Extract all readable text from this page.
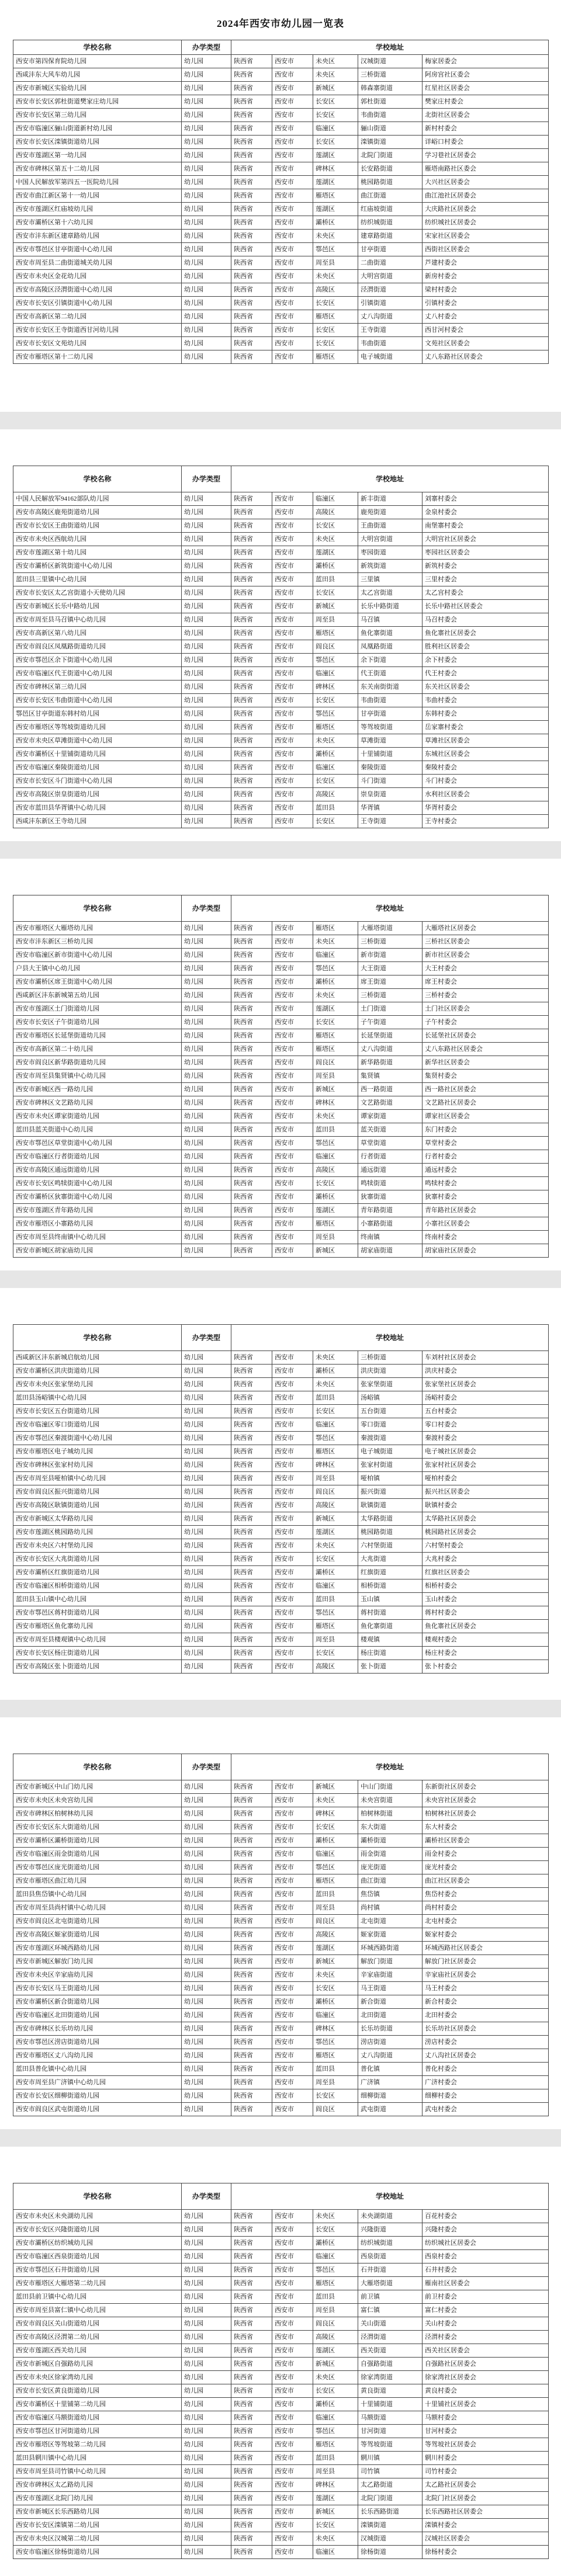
2024年西安市幼儿园一览表
学校名称	办学类型	学校地址				
西安市第四保育院幼儿园	幼儿园	陕西省	西安市	未央区	汉城街道	梅家居委会
西咸沣东大风车幼儿园	幼儿园	陕西省	西安市	未央区	三桥街道	阿房宫社区委会
西安市新城区实验幼儿园	幼儿园	陕西省	西安市	新城区	韩森寨街道	红星社区居委会
西安市长安区郭杜街道樊家庄幼儿园	幼儿园	陕西省	西安市	长安区	郭杜街道	樊家庄村委会
西安市长安区第三幼儿园	幼儿园	陕西省	西安市	长安区	韦曲街道	北街社区居委会
西安市临潼区骊山街道新村幼儿园	幼儿园	陕西省	西安市	临潼区	骊山街道	新村村委会
西安市长安区滦镇街道幼儿园	幼儿园	陕西省	西安市	长安区	滦镇街道	详峪口村委会
西安市莲湖区第一幼儿园	幼儿园	陕西省	西安市	莲湖区	北院门街道	学习巷社区居委会
西安市碑林区第五十二幼儿园	幼儿园	陕西省	西安市	碑林区	长安路街道	雁塔南路社区委会
中国人民解放军第四五一医院幼儿园	幼儿园	陕西省	西安市	莲湖区	桃园路街道	大兴社区居委会
西安市曲江新区第十一幼儿园	幼儿园	陕西省	西安市	雁塔区	曲江街道	曲江池社区居委会
西安市莲湖区红庙坡幼儿园	幼儿园	陕西省	西安市	莲湖区	红庙坡街道	大庆路社区居委会
西安市灞桥区第十六幼儿园	幼儿园	陕西省	西安市	灞桥区	纺织城街道	纺织城社区居委会
西安市沣东新区建章路幼儿园	幼儿园	陕西省	西安市	未央区	建章路街道	宋家社区居委会
西安市鄠邑区甘亭街道中心幼儿园	幼儿园	陕西省	西安市	鄠邑区	甘亭街道	西街社区居委会
西安市周至县二曲街道城关幼儿园	幼儿园	陕西省	西安市	周至县	二曲街道	芦建村委会
西安市未央区金花幼儿园	幼儿园	陕西省	西安市	未央区	大明宫街道	新房村委会
西安市高陵区泾渭街道中心幼儿园	幼儿园	陕西省	西安市	高陵区	泾渭街道	梁村村委会
西安市长安区引镇街道中心幼儿园	幼儿园	陕西省	西安市	长安区	引镇街道	引镇村委会
西安市高新区第二幼儿园	幼儿园	陕西省	西安市	雁塔区	丈八沟街道	丈八村委会
西安市长安区王寺街道西甘河幼儿园	幼儿园	陕西省	西安市	长安区	王寺街道	西甘河村委会
西安市长安区文苑幼儿园	幼儿园	陕西省	西安市	长安区	韦曲街道	文苑社区居委会
西安市雁塔区第十二幼儿园	幼儿园	陕西省	西安市	雁塔区	电子城街道	丈八东路社区居委会
学校名称	办学类型	学校地址				
中国人民解放军94162部队幼儿园	幼儿园	陕西省	西安市	临潼区	新丰街道	刘寨村委会
西安市高陵区鹿苑街道幼儿园	幼儿园	陕西省	西安市	高陵区	鹿苑街道	金泉村委会
西安市长安区王曲街道幼儿园	幼儿园	陕西省	西安市	长安区	王曲街道	南堡寨村委会
西安市未央区西航幼儿园	幼儿园	陕西省	西安市	未央区	大明宫街道	大明宫社区居委会
西安市莲湖区第十幼儿园	幼儿园	陕西省	西安市	莲湖区	枣园街道	枣园社区居委会
西安市灞桥区新筑街道中心幼儿园	幼儿园	陕西省	西安市	灞桥区	新筑街道	新筑村委会
蓝田县三里镇中心幼儿园	幼儿园	陕西省	西安市	蓝田县	三里镇	三里村委会
西安市长安区太乙宫街道小天使幼儿园	幼儿园	陕西省	西安市	长安区	太乙宫街道	太乙宫村委会
西安市新城区长乐中路幼儿园	幼儿园	陕西省	西安市	新城区	长乐中路街道	长乐中路社区居委会
西安市周至县马召镇中心幼儿园	幼儿园	陕西省	西安市	周至县	马召镇	马召村委会
西安市高新区第八幼儿园	幼儿园	陕西省	西安市	雁塔区	鱼化寨街道	鱼化寨社区居委会
西安市阎良区凤凰路街道幼儿园	幼儿园	陕西省	西安市	阎良区	凤凰路街道	胜利社区居委会
西安市鄠邑区余下街道中心幼儿园	幼儿园	陕西省	西安市	鄠邑区	余下街道	余下村委会
西安市临潼区代王街道中心幼儿园	幼儿园	陕西省	西安市	临潼区	代王街道	代王村委会
西安市碑林区第三幼儿园	幼儿园	陕西省	西安市	碑林区	东关南街街道	东关社区居委会
西安市长安区韦曲街道中心幼儿园	幼儿园	陕西省	西安市	长安区	韦曲街道	韦曲村委会
鄠邑区甘亭街道东韩村幼儿园	幼儿园	陕西省	西安市	鄠邑区	甘亭街道	东韩村委会
西安市雁塔区等驾坡街道幼儿园	幼儿园	陕西省	西安市	雁塔区	等驾坡街道	岳家寨村委会
西安市未央区草滩街道中心幼儿园	幼儿园	陕西省	西安市	未央区	草滩街道	草滩社区居委会
西安市灞桥区十里铺街道幼儿园	幼儿园	陕西省	西安市	灞桥区	十里铺街道	东城社区居委会
西安市临潼区秦陵街道幼儿园	幼儿园	陕西省	西安市	临潼区	秦陵街道	秦陵村委会
西安市长安区斗门街道中心幼儿园	幼儿园	陕西省	西安市	长安区	斗门街道	斗门村委会
西安市高陵区崇皇街道幼儿园	幼儿园	陕西省	西安市	高陵区	崇皇街道	水利社区居委会
西安市蓝田县华胥镇中心幼儿园	幼儿园	陕西省	西安市	蓝田县	华胥镇	华胥村委会
西咸沣东新区王寺幼儿园	幼儿园	陕西省	西安市	长安区	王寺街道	王寺村委会
学校名称	办学类型	学校地址				
西安市雁塔区大雁塔幼儿园	幼儿园	陕西省	西安市	雁塔区	大雁塔街道	大雁塔社区居委会
西安市沣东新区三桥幼儿园	幼儿园	陕西省	西安市	未央区	三桥街道	三桥社区居委会
西安市临潼区新市街道中心幼儿园	幼儿园	陕西省	西安市	临潼区	新市街道	新市社区居委会
户县大王镇中心幼儿园	幼儿园	陕西省	西安市	鄠邑区	大王街道	大王村委会
西安市灞桥区席王街道中心幼儿园	幼儿园	陕西省	西安市	灞桥区	席王街道	席王村委会
西咸新区沣东新城第五幼儿园	幼儿园	陕西省	西安市	未央区	三桥街道	三桥村委会
西安市莲湖区土门街道幼儿园	幼儿园	陕西省	西安市	莲湖区	土门街道	土门社区居委会
西安市长安区子午街道幼儿园	幼儿园	陕西省	西安市	长安区	子午街道	子午村委会
西安市雁塔区长延堡街道幼儿园	幼儿园	陕西省	西安市	雁塔区	长延堡街道	长延堡社区居委会
西安市高新区第二十幼儿园	幼儿园	陕西省	西安市	雁塔区	丈八沟街道	丈八东路社区居委会
西安市阎良区新华路街道幼儿园	幼儿园	陕西省	西安市	阎良区	新华路街道	新华社区居委会
西安市周至县集贤镇中心幼儿园	幼儿园	陕西省	西安市	周至县	集贤镇	集贤村委会
西安市新城区西一路幼儿园	幼儿园	陕西省	西安市	新城区	西一路街道	西一路社区居委会
西安市碑林区文艺路幼儿园	幼儿园	陕西省	西安市	碑林区	文艺路街道	文艺路社区居委会
西安市未央区谭家街道幼儿园	幼儿园	陕西省	西安市	未央区	谭家街道	谭家社区居委会
蓝田县蓝关街道中心幼儿园	幼儿园	陕西省	西安市	蓝田县	蓝关街道	东门村委会
西安市鄠邑区草堂街道中心幼儿园	幼儿园	陕西省	西安市	鄠邑区	草堂街道	草堂村委会
西安市临潼区行者街道幼儿园	幼儿园	陕西省	西安市	临潼区	行者街道	行者村委会
西安市高陵区通远街道幼儿园	幼儿园	陕西省	西安市	高陵区	通远街道	通远村委会
西安市长安区鸣犊街道中心幼儿园	幼儿园	陕西省	西安市	长安区	鸣犊街道	鸣犊村委会
西安市灞桥区狄寨街道中心幼儿园	幼儿园	陕西省	西安市	灞桥区	狄寨街道	狄寨村委会
西安市莲湖区青年路幼儿园	幼儿园	陕西省	西安市	莲湖区	青年路街道	青年路社区居委会
西安市雁塔区小寨路幼儿园	幼儿园	陕西省	西安市	雁塔区	小寨路街道	小寨社区居委会
西安市周至县终南镇中心幼儿园	幼儿园	陕西省	西安市	周至县	终南镇	终南村委会
西安市新城区胡家庙幼儿园	幼儿园	陕西省	西安市	新城区	胡家庙街道	胡家庙社区居委会
学校名称	办学类型	学校地址				
西咸新区沣东新城启航幼儿园	幼儿园	陕西省	西安市	未央区	三桥街道	车刘村社区居委会
西安市灞桥区洪庆街道幼儿园	幼儿园	陕西省	西安市	灞桥区	洪庆街道	洪庆村委会
西安市未央区张家堡幼儿园	幼儿园	陕西省	西安市	未央区	张家堡街道	张家堡社区居委会
蓝田县汤峪镇中心幼儿园	幼儿园	陕西省	西安市	蓝田县	汤峪镇	汤峪村委会
西安市长安区五台街道幼儿园	幼儿园	陕西省	西安市	长安区	五台街道	五台村委会
西安市临潼区零口街道幼儿园	幼儿园	陕西省	西安市	临潼区	零口街道	零口村委会
西安市鄠邑区秦渡街道中心幼儿园	幼儿园	陕西省	西安市	鄠邑区	秦渡街道	秦渡村委会
西安市雁塔区电子城幼儿园	幼儿园	陕西省	西安市	雁塔区	电子城街道	电子城社区居委会
西安市碑林区张家村幼儿园	幼儿园	陕西省	西安市	碑林区	张家村街道	张家村社区居委会
西安市周至县哑柏镇中心幼儿园	幼儿园	陕西省	西安市	周至县	哑柏镇	哑柏村委会
西安市阎良区振兴街道幼儿园	幼儿园	陕西省	西安市	阎良区	振兴街道	振兴社区居委会
西安市高陵区耿镇街道幼儿园	幼儿园	陕西省	西安市	高陵区	耿镇街道	耿镇村委会
西安市新城区太华路幼儿园	幼儿园	陕西省	西安市	新城区	太华路街道	太华路社区居委会
西安市莲湖区桃园路幼儿园	幼儿园	陕西省	西安市	莲湖区	桃园路街道	桃园路社区居委会
西安市未央区六村堡幼儿园	幼儿园	陕西省	西安市	未央区	六村堡街道	六村堡村委会
西安市长安区大兆街道幼儿园	幼儿园	陕西省	西安市	长安区	大兆街道	大兆村委会
西安市灞桥区红旗街道幼儿园	幼儿园	陕西省	西安市	灞桥区	红旗街道	红旗社区居委会
西安市临潼区相桥街道幼儿园	幼儿园	陕西省	西安市	临潼区	相桥街道	相桥村委会
蓝田县玉山镇中心幼儿园	幼儿园	陕西省	西安市	蓝田县	玉山镇	玉山村委会
西安市鄠邑区蒋村街道幼儿园	幼儿园	陕西省	西安市	鄠邑区	蒋村街道	蒋村村委会
西安市雁塔区鱼化寨幼儿园	幼儿园	陕西省	西安市	雁塔区	鱼化寨街道	鱼化寨社区居委会
西安市周至县楼观镇中心幼儿园	幼儿园	陕西省	西安市	周至县	楼观镇	楼观村委会
西安市长安区杨庄街道幼儿园	幼儿园	陕西省	西安市	长安区	杨庄街道	杨庄村委会
西安市高陵区张卜街道幼儿园	幼儿园	陕西省	西安市	高陵区	张卜街道	张卜村委会
学校名称	办学类型	学校地址				
西安市新城区中山门幼儿园	幼儿园	陕西省	西安市	新城区	中山门街道	东新街社区居委会
西安市未央区未央宫幼儿园	幼儿园	陕西省	西安市	未央区	未央宫街道	未央宫社区居委会
西安市碑林区柏树林幼儿园	幼儿园	陕西省	西安市	碑林区	柏树林街道	柏树林社区居委会
西安市长安区东大街道幼儿园	幼儿园	陕西省	西安市	长安区	东大街道	东大村委会
西安市灞桥区灞桥街道幼儿园	幼儿园	陕西省	西安市	灞桥区	灞桥街道	灞桥社区居委会
西安市临潼区雨金街道幼儿园	幼儿园	陕西省	西安市	临潼区	雨金街道	雨金村委会
西安市鄠邑区庞光街道幼儿园	幼儿园	陕西省	西安市	鄠邑区	庞光街道	庞光村委会
西安市雁塔区曲江幼儿园	幼儿园	陕西省	西安市	雁塔区	曲江街道	曲江社区居委会
蓝田县焦岱镇中心幼儿园	幼儿园	陕西省	西安市	蓝田县	焦岱镇	焦岱村委会
西安市周至县尚村镇中心幼儿园	幼儿园	陕西省	西安市	周至县	尚村镇	尚村村委会
西安市阎良区北屯街道幼儿园	幼儿园	陕西省	西安市	阎良区	北屯街道	北屯村委会
西安市高陵区姬家街道幼儿园	幼儿园	陕西省	西安市	高陵区	姬家街道	姬家村委会
西安市莲湖区环城西路幼儿园	幼儿园	陕西省	西安市	莲湖区	环城西路街道	环城西路社区居委会
西安市新城区解放门幼儿园	幼儿园	陕西省	西安市	新城区	解放门街道	解放门社区居委会
西安市未央区辛家庙幼儿园	幼儿园	陕西省	西安市	未央区	辛家庙街道	辛家庙社区居委会
西安市长安区马王街道幼儿园	幼儿园	陕西省	西安市	长安区	马王街道	马王村委会
西安市灞桥区新合街道幼儿园	幼儿园	陕西省	西安市	灞桥区	新合街道	新合村委会
西安市临潼区北田街道幼儿园	幼儿园	陕西省	西安市	临潼区	北田街道	北田村委会
西安市碑林区长乐坊幼儿园	幼儿园	陕西省	西安市	碑林区	长乐坊街道	长乐坊社区居委会
西安市鄠邑区涝店街道幼儿园	幼儿园	陕西省	西安市	鄠邑区	涝店街道	涝店村委会
西安市雁塔区丈八沟幼儿园	幼儿园	陕西省	西安市	雁塔区	丈八沟街道	丈八沟社区居委会
蓝田县普化镇中心幼儿园	幼儿园	陕西省	西安市	蓝田县	普化镇	普化村委会
西安市周至县广济镇中心幼儿园	幼儿园	陕西省	西安市	周至县	广济镇	广济村委会
西安市长安区细柳街道幼儿园	幼儿园	陕西省	西安市	长安区	细柳街道	细柳村委会
西安市阎良区武屯街道幼儿园	幼儿园	陕西省	西安市	阎良区	武屯街道	武屯村委会
学校名称	办学类型	学校地址				
西安市未央区未央湖幼儿园	幼儿园	陕西省	西安市	未央区	未央湖街道	百花村委会
西安市长安区兴隆街道幼儿园	幼儿园	陕西省	西安市	长安区	兴隆街道	兴隆村委会
西安市灞桥区纺织城幼儿园	幼儿园	陕西省	西安市	灞桥区	纺织城街道	纺织城社区居委会
西安市临潼区西泉街道幼儿园	幼儿园	陕西省	西安市	临潼区	西泉街道	西泉村委会
西安市鄠邑区石井街道幼儿园	幼儿园	陕西省	西安市	鄠邑区	石井街道	石井村委会
西安市雁塔区大雁塔第二幼儿园	幼儿园	陕西省	西安市	雁塔区	大雁塔街道	雁南社区居委会
蓝田县前卫镇中心幼儿园	幼儿园	陕西省	西安市	蓝田县	前卫镇	前卫村委会
西安市周至县富仁镇中心幼儿园	幼儿园	陕西省	西安市	周至县	富仁镇	富仁村委会
西安市阎良区关山街道幼儿园	幼儿园	陕西省	西安市	阎良区	关山街道	关山村委会
西安市高陵区泾渭第二幼儿园	幼儿园	陕西省	西安市	高陵区	泾渭街道	泾渭村委会
西安市莲湖区西关幼儿园	幼儿园	陕西省	西安市	莲湖区	西关街道	西关社区居委会
西安市新城区自强路幼儿园	幼儿园	陕西省	西安市	新城区	自强路街道	自强路社区居委会
西安市未央区徐家湾幼儿园	幼儿园	陕西省	西安市	未央区	徐家湾街道	徐家湾社区居委会
西安市长安区黄良街道幼儿园	幼儿园	陕西省	西安市	长安区	黄良街道	黄良村委会
西安市灞桥区十里铺第二幼儿园	幼儿园	陕西省	西安市	灞桥区	十里铺街道	十里铺社区居委会
西安市临潼区马额街道幼儿园	幼儿园	陕西省	西安市	临潼区	马额街道	马额村委会
西安市鄠邑区甘河街道幼儿园	幼儿园	陕西省	西安市	鄠邑区	甘河街道	甘河村委会
西安市雁塔区等驾坡第二幼儿园	幼儿园	陕西省	西安市	雁塔区	等驾坡街道	等驾坡社区居委会
蓝田县辋川镇中心幼儿园	幼儿园	陕西省	西安市	蓝田县	辋川镇	辋川村委会
西安市周至县司竹镇中心幼儿园	幼儿园	陕西省	西安市	周至县	司竹镇	司竹村委会
西安市碑林区太乙路幼儿园	幼儿园	陕西省	西安市	碑林区	太乙路街道	太乙路社区居委会
西安市莲湖区北院门幼儿园	幼儿园	陕西省	西安市	莲湖区	北院门街道	北院门社区居委会
西安市新城区长乐西路幼儿园	幼儿园	陕西省	西安市	新城区	长乐西路街道	长乐西路社区居委会
西安市长安区滦镇第二幼儿园	幼儿园	陕西省	西安市	长安区	滦镇街道	滦镇村委会
西安市未央区汉城第二幼儿园	幼儿园	陕西省	西安市	未央区	汉城街道	汉城社区居委会
西安市临潼区徐杨街道幼儿园	幼儿园	陕西省	西安市	临潼区	徐杨街道	徐杨村委会
